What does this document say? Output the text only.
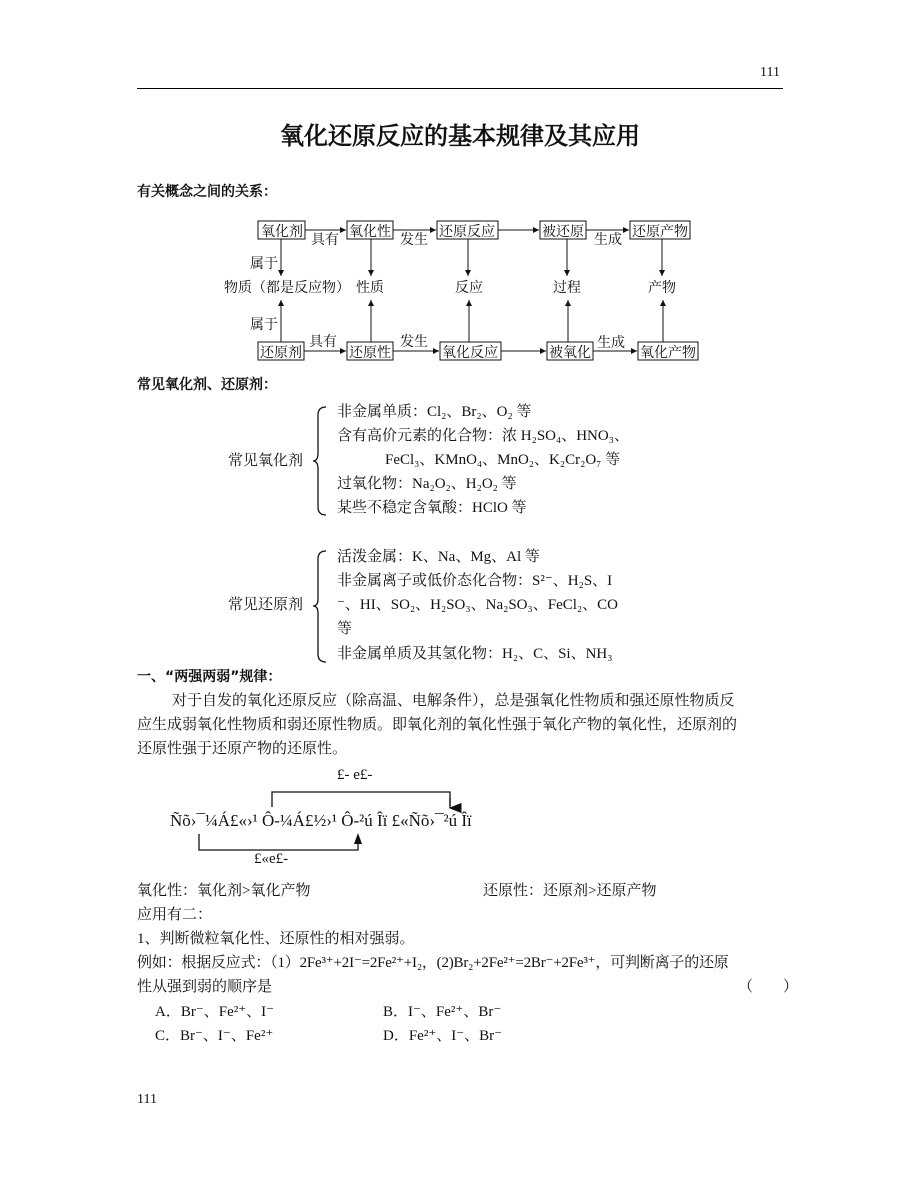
111
氧化还原反应的基本规律及其应用
有关概念之间的关系：
氧化剂	氧化性	还原反应	被还原	还原产物
具有	发生	生成
物质（都是反应物） 性质	反应	过程	产物
属于
属于
还原剂	还原性	氧化反应	被氧化	氧化产物
具有	发生	生成
常见氧化剂、还原剂：
常见氧化剂
非金属单质：Cl₂、Br₂、O₂ 等
含有高价元素的化合物：浓 H₂SO₄、HNO₃、
FeCl₃、KMnO₄、MnO₂、K₂Cr₂O₇ 等
过氧化物：Na₂O₂、H₂O₂ 等
某些不稳定含氧酸：HClO 等
常见还原剂
活泼金属：K、Na、Mg、Al 等
非金属离子或低价态化合物：S²⁻、H₂S、I
⁻、HI、SO₂、H₂SO₃、Na₂SO₃、FeCl₂、CO
等
非金属单质及其氢化物：H₂、C、Si、NH₃
一、“两强两弱”规律：
对于自发的氧化还原反应（除高温、电解条件），总是强氧化性物质和强还原性物质反
应生成弱氧化性物质和弱还原性物质。即氧化剂的氧化性强于氧化产物的氧化性，还原剂的
还原性强于还原产物的还原性。
£- e£-
Ñõ›¯¼Á£«›¹ Ô-¼Á£½›¹ Ô-²ú Îï £«Ñõ›¯²ú Îï
£«e£-
氧化性：氧化剂>氧化产物	还原性：还原剂>还原产物
应用有二：
1、判断微粒氧化性、还原性的相对强弱。
例如：根据反应式：（1）2Fe³⁺+2I⁻=2Fe²⁺+I₂，(2)Br₂+2Fe²⁺=2Br⁻+2Fe³⁺，可判断离子的还原
性从强到弱的顺序是	（　　）
A．Br⁻、Fe²⁺、I⁻	B．I⁻、Fe²⁺、Br⁻
C．Br⁻、I⁻、Fe²⁺	D．Fe²⁺、I⁻、Br⁻
111
